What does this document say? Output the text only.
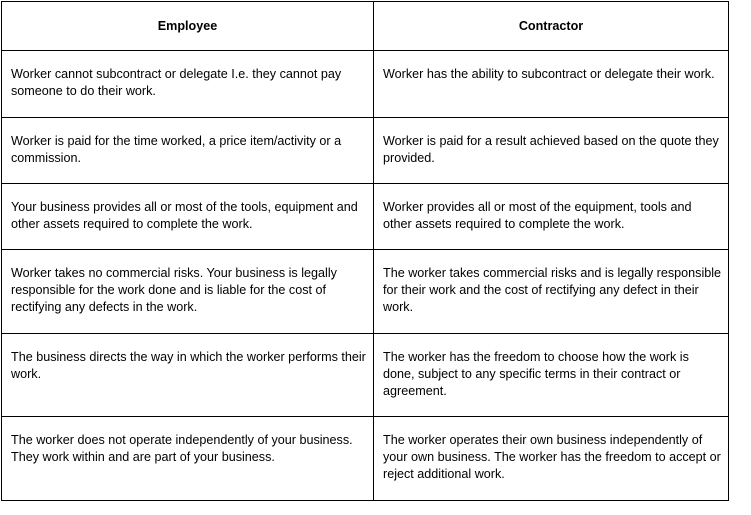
Employee	Contractor
Worker cannot subcontract or delegate I.e. they cannot pay someone to do their work.	Worker has the ability to subcontract or delegate their work.
Worker is paid for the time worked, a price item/activity or a commission.	Worker is paid for a result achieved based on the quote they provided.
Your business provides all or most of the tools, equipment and other assets required to complete the work.	Worker provides all or most of the equipment, tools and other assets required to complete the work.
Worker takes no commercial risks. Your business is legally responsible for the work done and is liable for the cost of rectifying any defects in the work.	The worker takes commercial risks and is legally responsible for their work and the cost of rectifying any defect in their work.
The business directs the way in which the worker performs their work.	The worker has the freedom to choose how the work is done, subject to any specific terms in their contract or agreement.
The worker does not operate independently of your business. They work within and are part of your business.	The worker operates their own business independently of your own business. The worker has the freedom to accept or reject additional work.
